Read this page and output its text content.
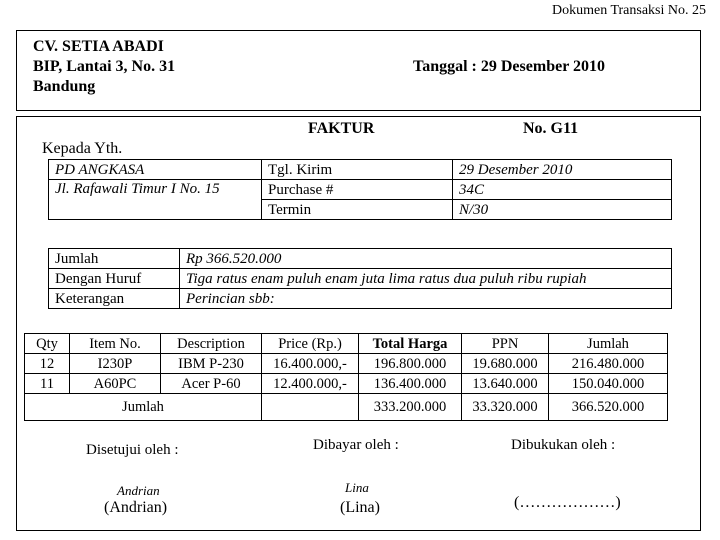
Dokumen Transaksi No. 25
CV. SETIA ABADI
BIP, Lantai 3, No. 31
Bandung
Tanggal : 29 Desember 2010
FAKTUR	No. G11
Kepada Yth.
PD ANGKASA	Tgl. Kirim	29 Desember 2010
Jl. Rafawali Timur I No. 15	Purchase #	34C
	Termin	N/30
Jumlah	Rp 366.520.000
Dengan Huruf	Tiga ratus enam puluh enam juta lima ratus dua puluh ribu rupiah
Keterangan	Perincian sbb:
Qty	Item No.	Description	Price (Rp.)	Total Harga	PPN	Jumlah
12	I230P	IBM P-230	16.400.000,-	196.800.000	19.680.000	216.480.000
11	A60PC	Acer P-60	12.400.000,-	136.400.000	13.640.000	150.040.000
Jumlah				333.200.000	33.320.000	366.520.000
Disetujui oleh :	Dibayar oleh :	Dibukukan oleh :
Andrian	Lina
(Andrian)	(Lina)	(………………)
